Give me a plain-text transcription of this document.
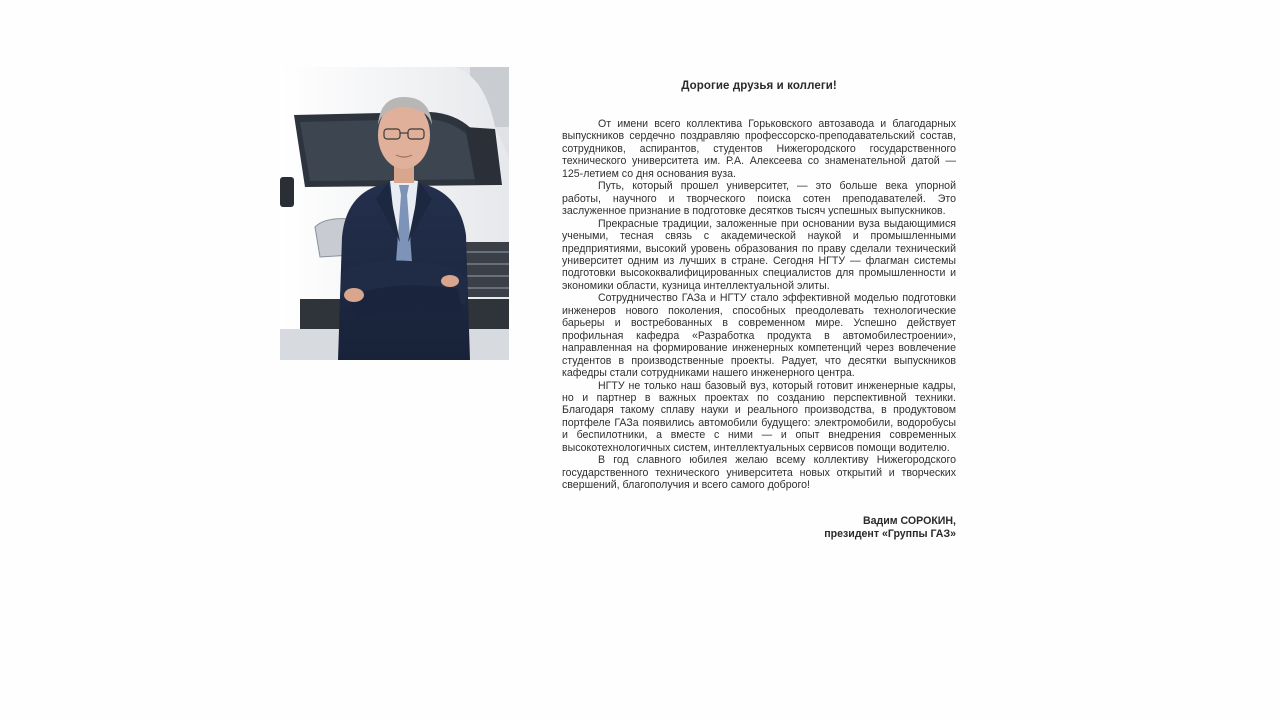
Дорогие друзья и коллеги!

От имени всего коллектива Горьковского автозавода и благодарных выпускников сердечно поздравляю профессорско-преподавательский состав, сотрудников, аспирантов, студентов Нижегородского государственного технического университета им. Р.А. Алексеева со знаменательной датой — 125-летием со дня основания вуза.

Путь, который прошел университет, — это больше века упорной работы, научного и творческого поиска сотен преподавателей. Это заслуженное признание в подготовке десятков тысяч успешных выпускников.

Прекрасные традиции, заложенные при основании вуза выдающимися учеными, тесная связь с академической наукой и промышленными предприятиями, высокий уровень образования по праву сделали технический университет одним из лучших в стране. Сегодня НГТУ — флагман системы подготовки высококвалифицированных специалистов для промышленности и экономики области, кузница интеллектуальной элиты.

Сотрудничество ГАЗа и НГТУ стало эффективной моделью подготовки инженеров нового поколения, способных преодолевать технологические барьеры и востребованных в современном мире. Успешно действует профильная кафедра «Разработка продукта в автомобилестроении», направленная на формирование инженерных компетенций через вовлечение студентов в производственные проекты. Радует, что десятки выпускников кафедры стали сотрудниками нашего инженерного центра.

НГТУ не только наш базовый вуз, который готовит инженерные кадры, но и партнер в важных проектах по созданию перспективной техники. Благодаря такому сплаву науки и реального производства, в продуктовом портфеле ГАЗа появились автомобили будущего: электромобили, водоробусы и беспилотники, а вместе с ними — и опыт внедрения современных высокотехнологичных систем, интеллектуальных сервисов помощи водителю.

В год славного юбилея желаю всему коллективу Нижегородского государственного технического университета новых открытий и творческих свершений, благополучия и всего самого доброго!

Вадим СОРОКИН,
президент «Группы ГАЗ»
